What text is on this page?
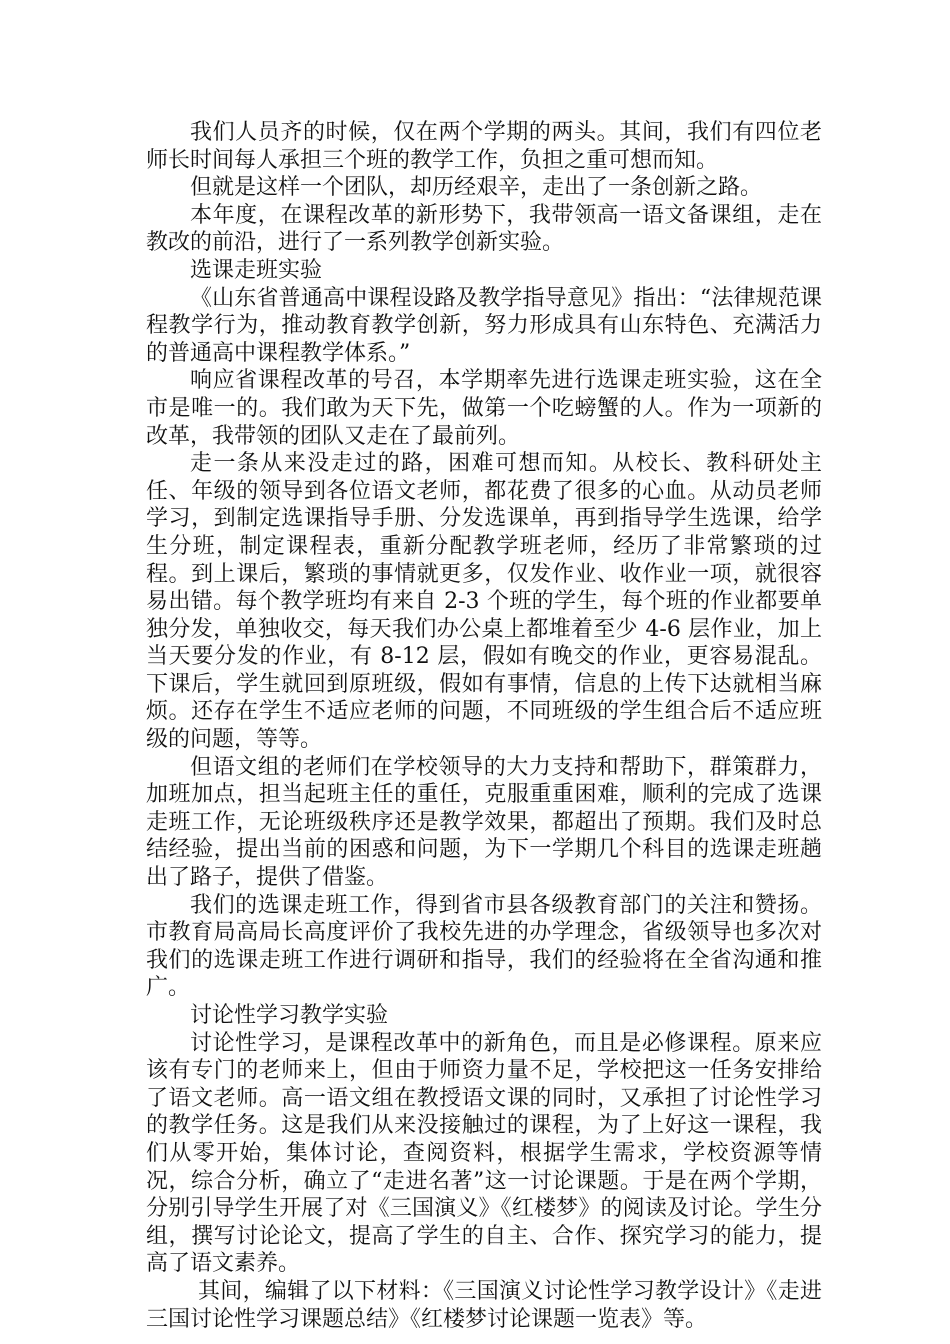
我们人员齐的时候，仅在两个学期的两头。其间，我们有四位老师长时间每人承担三个班的教学工作，负担之重可想而知。

但就是这样一个团队，却历经艰辛，走出了一条创新之路。

本年度，在课程改革的新形势下，我带领高一语文备课组，走在教改的前沿，进行了一系列教学创新实验。

选课走班实验

《山东省普通高中课程设路及教学指导意见》指出：“法律规范课程教学行为，推动教育教学创新，努力形成具有山东特色、充满活力的普通高中课程教学体系。”

响应省课程改革的号召，本学期率先进行选课走班实验，这在全市是唯一的。我们敢为天下先，做第一个吃螃蟹的人。作为一项新的改革，我带领的团队又走在了最前列。

走一条从来没走过的路，困难可想而知。从校长、教科研处主任、年级的领导到各位语文老师，都花费了很多的心血。从动员老师学习，到制定选课指导手册、分发选课单，再到指导学生选课，给学生分班，制定课程表，重新分配教学班老师，经历了非常繁琐的过程。到上课后，繁琐的事情就更多，仅发作业、收作业一项，就很容易出错。每个教学班均有来自 2-3 个班的学生，每个班的作业都要单独分发，单独收交，每天我们办公桌上都堆着至少 4-6 层作业，加上当天要分发的作业，有 8-12 层，假如有晚交的作业，更容易混乱。下课后，学生就回到原班级，假如有事情，信息的上传下达就相当麻烦。还存在学生不适应老师的问题，不同班级的学生组合后不适应班级的问题，等等。

但语文组的老师们在学校领导的大力支持和帮助下，群策群力，加班加点，担当起班主任的重任，克服重重困难，顺利的完成了选课走班工作，无论班级秩序还是教学效果，都超出了预期。我们及时总结经验，提出当前的困惑和问题，为下一学期几个科目的选课走班趟出了路子，提供了借鉴。

我们的选课走班工作，得到省市县各级教育部门的关注和赞扬。市教育局高局长高度评价了我校先进的办学理念，省级领导也多次对我们的选课走班工作进行调研和指导，我们的经验将在全省沟通和推广。

讨论性学习教学实验

讨论性学习，是课程改革中的新角色，而且是必修课程。原来应该有专门的老师来上，但由于师资力量不足，学校把这一任务安排给了语文老师。高一语文组在教授语文课的同时，又承担了讨论性学习的教学任务。这是我们从来没接触过的课程，为了上好这一课程，我们从零开始，集体讨论，查阅资料，根据学生需求，学校资源等情况，综合分析，确立了“走进名著”这一讨论课题。于是在两个学期，分别引导学生开展了对《三国演义》《红楼梦》的阅读及讨论。学生分组，撰写讨论论文，提高了学生的自主、合作、探究学习的能力，提高了语文素养。

其间，编辑了以下材料：《三国演义讨论性学习教学设计》《走进三国讨论性学习课题总结》《红楼梦讨论课题一览表》等。
